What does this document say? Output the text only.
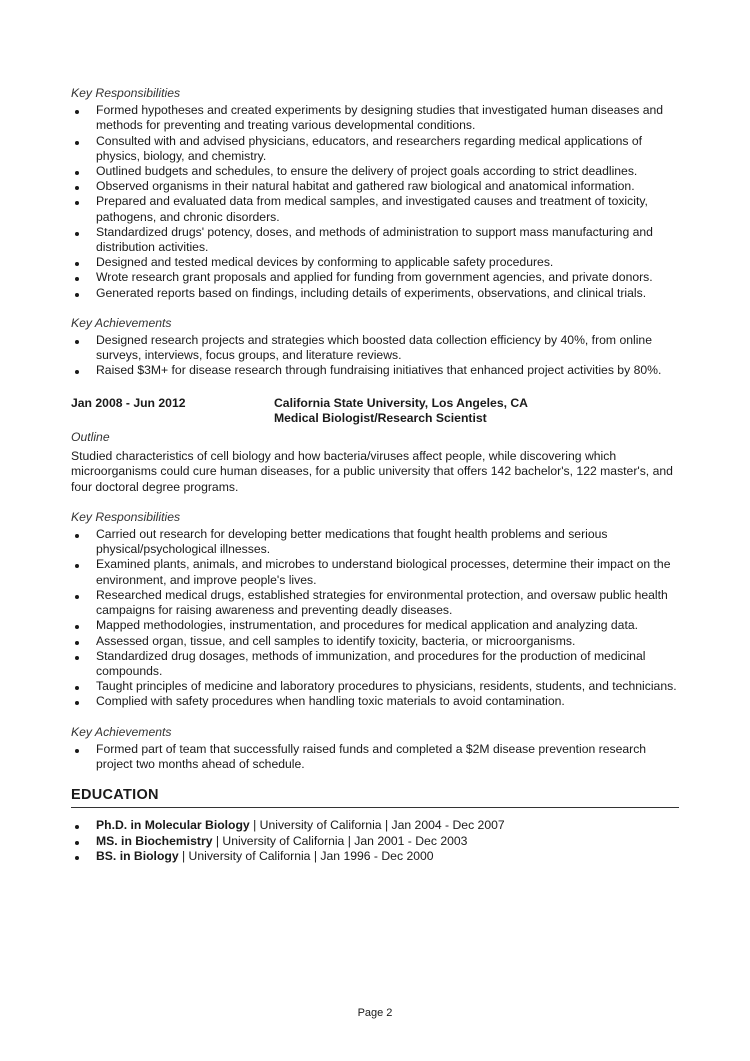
Key Responsibilities

Formed hypotheses and created experiments by designing studies that investigated human diseases and methods for preventing and treating various developmental conditions.
Consulted with and advised physicians, educators, and researchers regarding medical applications of physics, biology, and chemistry.
Outlined budgets and schedules, to ensure the delivery of project goals according to strict deadlines.
Observed organisms in their natural habitat and gathered raw biological and anatomical information.
Prepared and evaluated data from medical samples, and investigated causes and treatment of toxicity, pathogens, and chronic disorders.
Standardized drugs' potency, doses, and methods of administration to support mass manufacturing and distribution activities.
Designed and tested medical devices by conforming to applicable safety procedures.
Wrote research grant proposals and applied for funding from government agencies, and private donors.
Generated reports based on findings, including details of experiments, observations, and clinical trials.

Key Achievements

Designed research projects and strategies which boosted data collection efficiency by 40%, from online surveys, interviews, focus groups, and literature reviews.
Raised $3M+ for disease research through fundraising initiatives that enhanced project activities by 80%.
Jan 2008 - Jun 2012	California State University, Los Angeles, CA
Medical Biologist/Research Scientist

Outline

Studied characteristics of cell biology and how bacteria/viruses affect people, while discovering which microorganisms could cure human diseases, for a public university that offers 142 bachelor's, 122 master's, and four doctoral degree programs.

Key Responsibilities

Carried out research for developing better medications that fought health problems and serious physical/psychological illnesses.
Examined plants, animals, and microbes to understand biological processes, determine their impact on the environment, and improve people's lives.
Researched medical drugs, established strategies for environmental protection, and oversaw public health campaigns for raising awareness and preventing deadly diseases.
Mapped methodologies, instrumentation, and procedures for medical application and analyzing data.
Assessed organ, tissue, and cell samples to identify toxicity, bacteria, or microorganisms.
Standardized drug dosages, methods of immunization, and procedures for the production of medicinal compounds.
Taught principles of medicine and laboratory procedures to physicians, residents, students, and technicians.
Complied with safety procedures when handling toxic materials to avoid contamination.

Key Achievements

Formed part of team that successfully raised funds and completed a $2M disease prevention research project two months ahead of schedule.
EDUCATION
Ph.D. in Molecular Biology | University of California | Jan 2004 - Dec 2007
MS. in Biochemistry | University of California | Jan 2001 - Dec 2003
BS. in Biology | University of California | Jan 1996 - Dec 2000
Page 2
